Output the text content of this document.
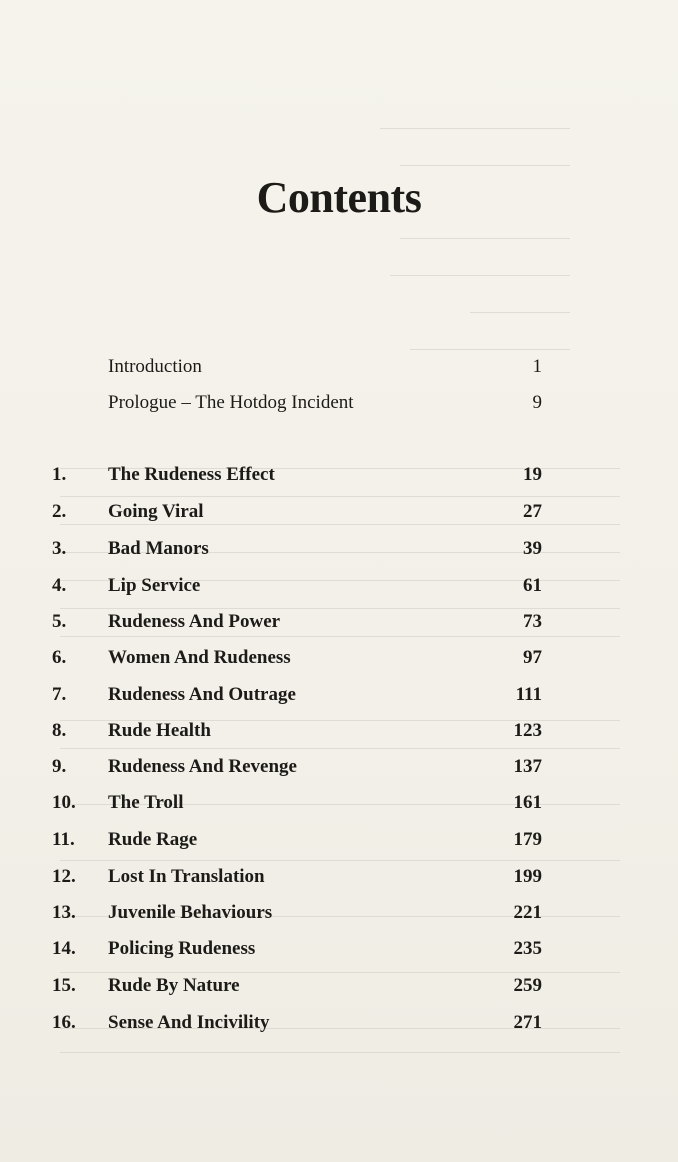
Contents
Introduction	1
Prologue – The Hotdog Incident	9
1. The Rudeness Effect	19
2. Going Viral	27
3. Bad Manors	39
4. Lip Service	61
5. Rudeness And Power	73
6. Women And Rudeness	97
7. Rudeness And Outrage	111
8. Rude Health	123
9. Rudeness And Revenge	137
10. The Troll	161
11. Rude Rage	179
12. Lost In Translation	199
13. Juvenile Behaviours	221
14. Policing Rudeness	235
15. Rude By Nature	259
16. Sense And Incivility	271
